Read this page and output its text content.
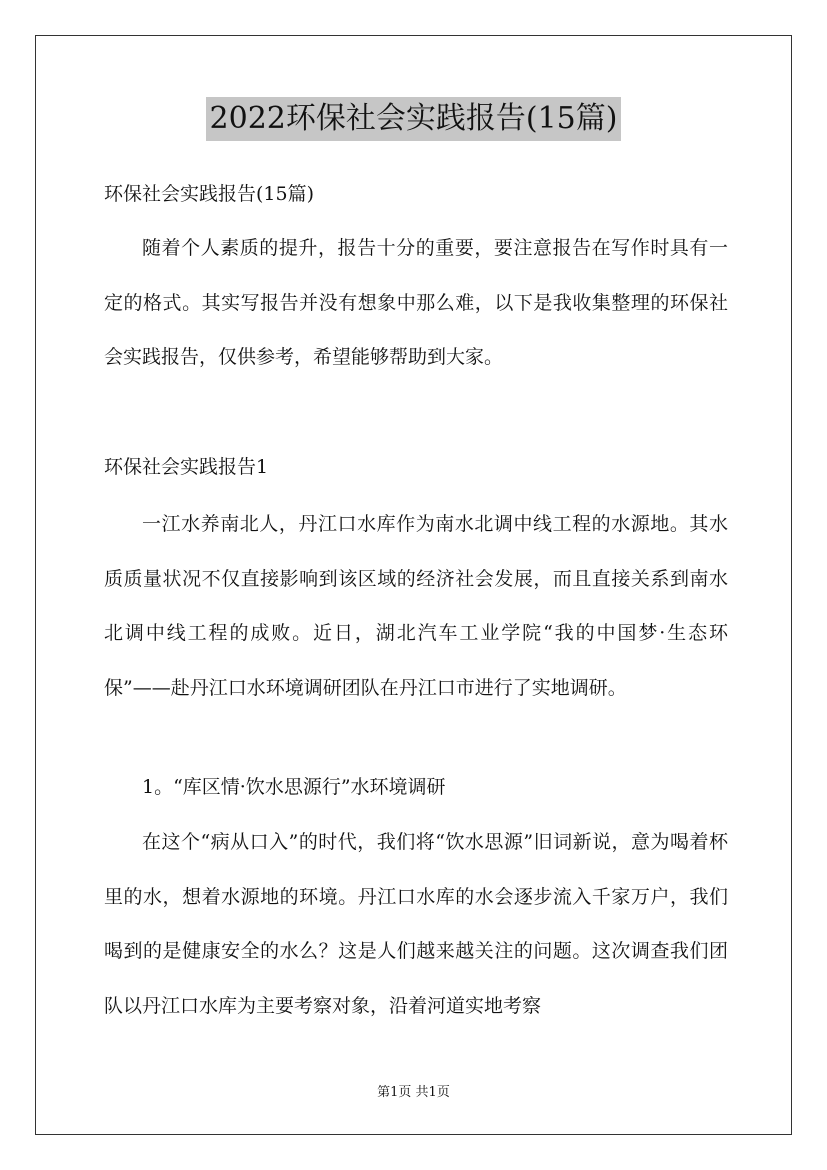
2022环保社会实践报告(15篇)
环保社会实践报告(15篇)

随着个人素质的提升，报告十分的重要，要注意报告在写作时具有一定的格式。其实写报告并没有想象中那么难，以下是我收集整理的环保社会实践报告，仅供参考，希望能够帮助到大家。

环保社会实践报告1

一江水养南北人，丹江口水库作为南水北调中线工程的水源地。其水质质量状况不仅直接影响到该区域的经济社会发展，而且直接关系到南水北调中线工程的成败。近日，湖北汽车工业学院“我的中国梦·生态环保”——赴丹江口水环境调研团队在丹江口市进行了实地调研。

1。“库区情·饮水思源行”水环境调研

在这个“病从口入”的时代，我们将“饮水思源”旧词新说，意为喝着杯里的水，想着水源地的环境。丹江口水库的水会逐步流入千家万户，我们喝到的是健康安全的水么？这是人们越来越关注的问题。这次调查我们团队以丹江口水库为主要考察对象，沿着河道实地考察

第1页 共1页
